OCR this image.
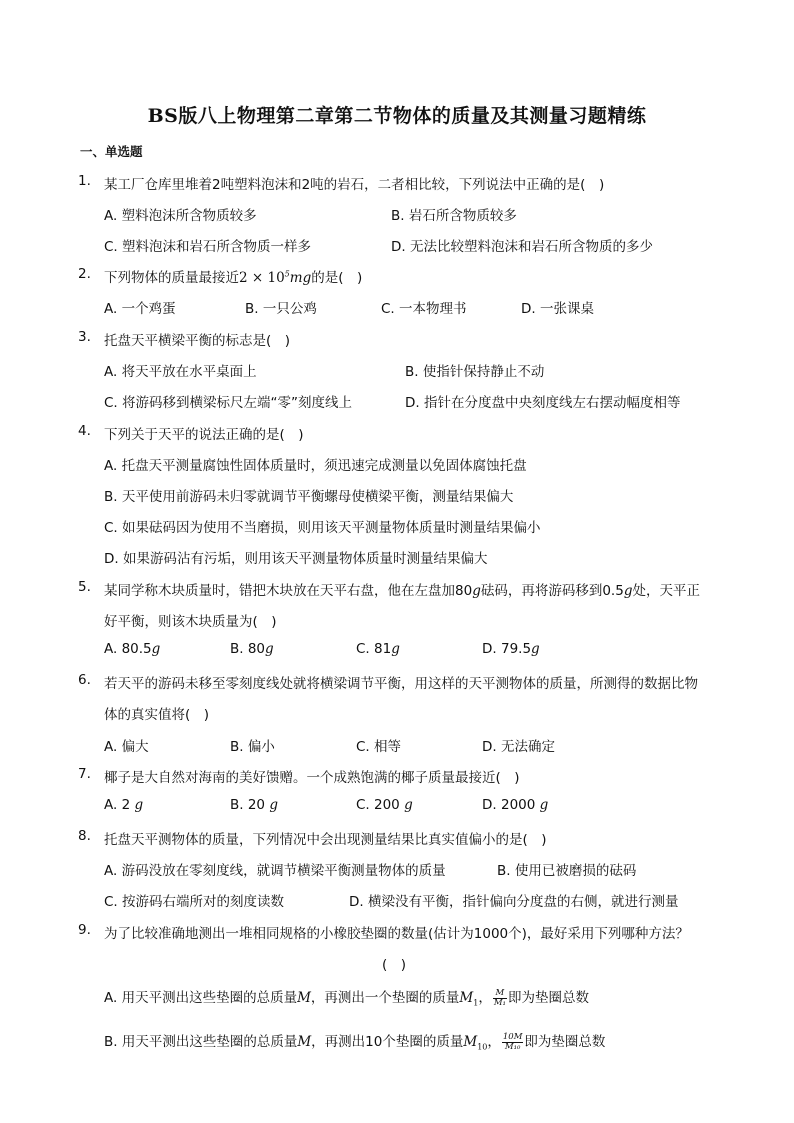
BS版八上物理第二章第二节物体的质量及其测量习题精练
一、单选题
1. 某工厂仓库里堆着2吨塑料泡沫和2吨的岩石，二者相比较，下列说法中正确的是(　)
A. 塑料泡沫所含物质较多	B. 岩石所含物质较多
C. 塑料泡沫和岩石所含物质一样多	D. 无法比较塑料泡沫和岩石所含物质的多少
2. 下列物体的质量最接近$2 \times 10^5mg$的是(　)
A. 一个鸡蛋	B. 一只公鸡	C. 一本物理书	D. 一张课桌
3. 托盘天平横梁平衡的标志是(　)
A. 将天平放在水平桌面上	B. 使指针保持静止不动
C. 将游码移到横梁标尺左端“零”刻度线上	D. 指针在分度盘中央刻度线左右摆动幅度相等
4. 下列关于天平的说法正确的是(　)
A. 托盘天平测量腐蚀性固体质量时，须迅速完成测量以免固体腐蚀托盘
B. 天平使用前游码未归零就调节平衡螺母使横梁平衡，测量结果偏大
C. 如果砝码因为使用不当磨损，则用该天平测量物体质量时测量结果偏小
D. 如果游码沾有污垢，则用该天平测量物体质量时测量结果偏大
5. 某同学称木块质量时，错把木块放在天平右盘，他在左盘加80g砝码，再将游码移到0.5g处，天平正
好平衡，则该木块质量为(　)
A. 80.5g	B. 80g	C. 81g	D. 79.5g
6. 若天平的游码未移至零刻度线处就将横梁调节平衡，用这样的天平测物体的质量，所测得的数据比物
体的真实值将(　)
A. 偏大	B. 偏小	C. 相等	D. 无法确定
7. 椰子是大自然对海南的美好馈赠。一个成熟饱满的椰子质量最接近(　)
A. 2 g	B. 20 g	C. 200 g	D. 2000 g
8. 托盘天平测物体的质量，下列情况中会出现测量结果比真实值偏小的是(　)
A. 游码没放在零刻度线，就调节横梁平衡测量物体的质量	B. 使用已被磨损的砝码
C. 按游码右端所对的刻度读数	D. 横梁没有平衡，指针偏向分度盘的右侧，就进行测量
9. 为了比较准确地测出一堆相同规格的小橡胶垫圈的数量(估计为1000个)，最好采用下列哪种方法？
(　)
A. 用天平测出这些垫圈的总质量M，再测出一个垫圈的质量$M_1$， $\frac{M}{\text{M₁}}$ 即为垫圈总数
B. 用天平测出这些垫圈的总质量M，再测出10个垫圈的质量$M_{10}$， $\frac{10M}{\text{M₁₀}}$ 即为垫圈总数
